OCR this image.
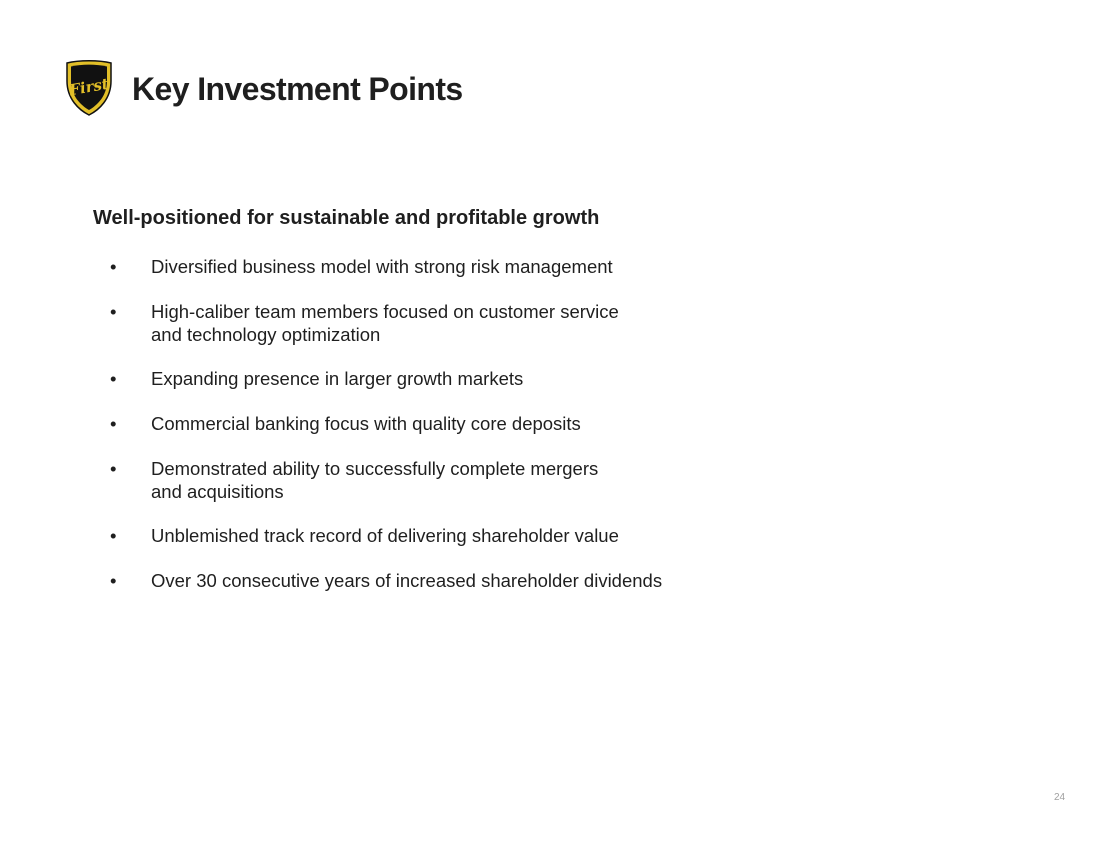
First Key Investment Points
Well-positioned for sustainable and profitable growth
•	Diversified business model with strong risk management
•	High-caliber team members focused on customer service
and technology optimization
•	Expanding presence in larger growth markets
•	Commercial banking focus with quality core deposits
•	Demonstrated ability to successfully complete mergers
and acquisitions
•	Unblemished track record of delivering shareholder value
•	Over 30 consecutive years of increased shareholder dividends
24
